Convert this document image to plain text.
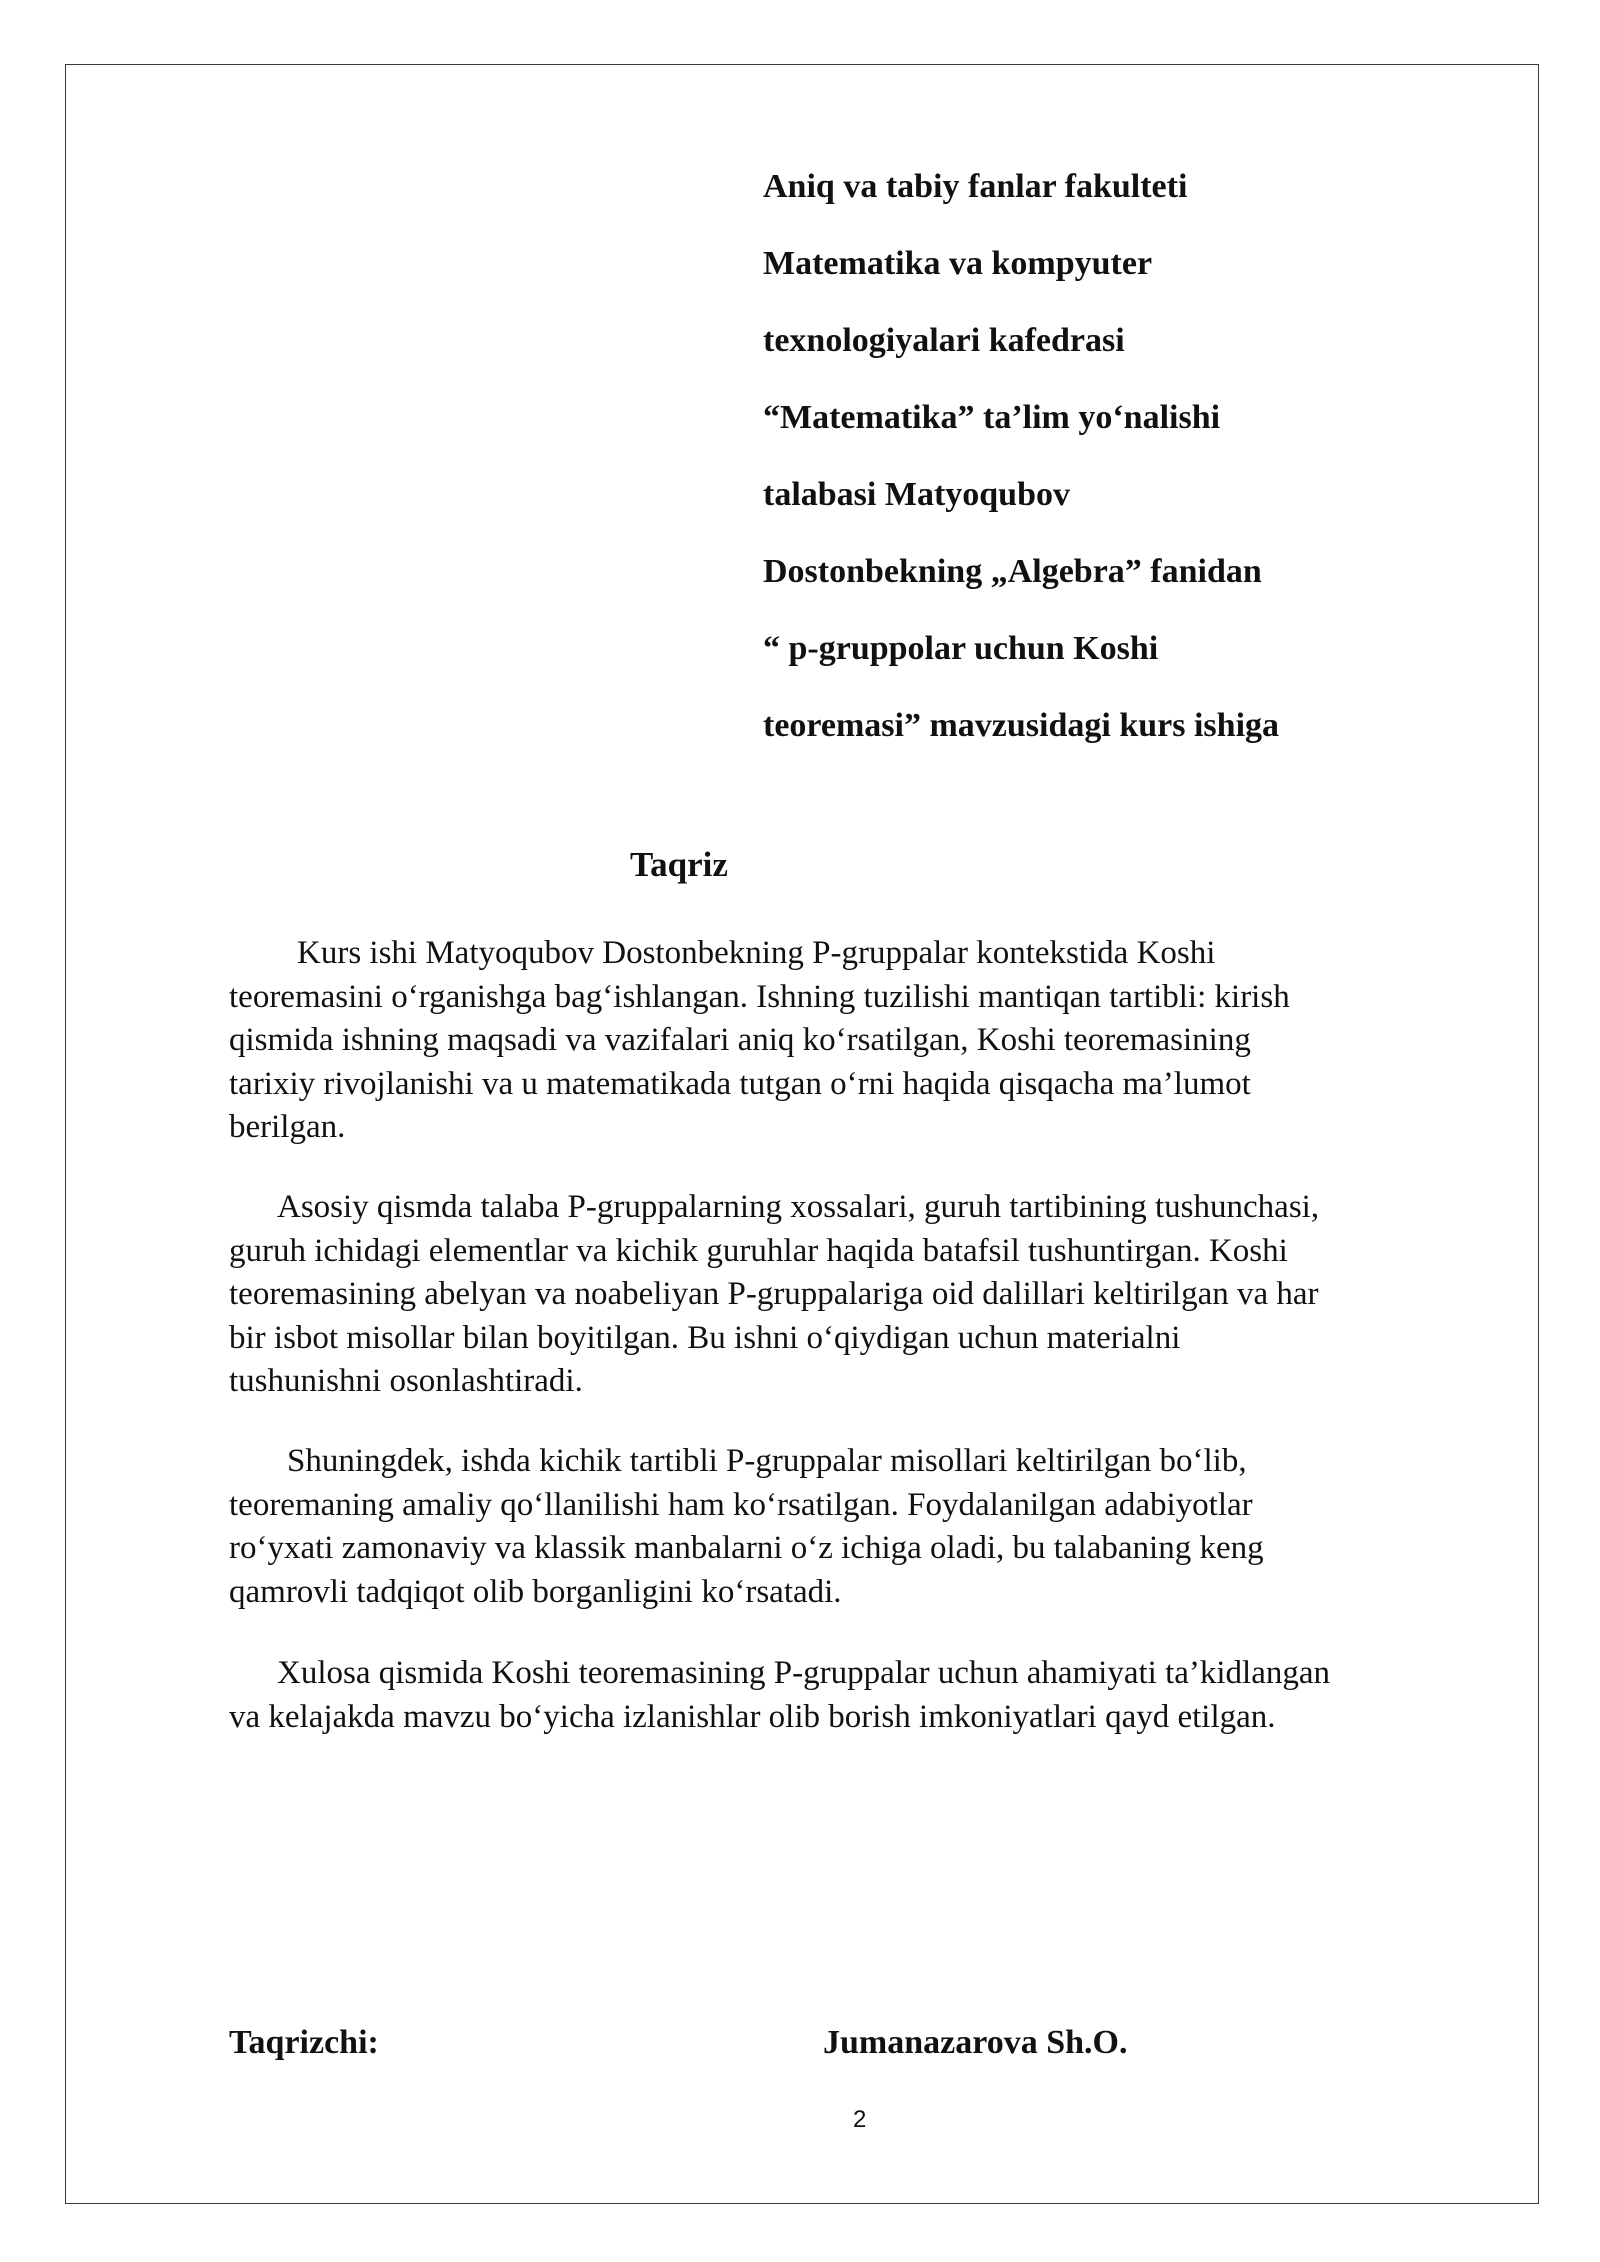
Aniq va tabiy fanlar fakulteti
Matematika va kompyuter
texnologiyalari kafedrasi
“Matematika” ta’lim yo‘nalishi
talabasi Matyoqubov
Dostonbekning „Algebra” fanidan
“ p-gruppolar uchun Koshi
teoremasi” mavzusidagi kurs ishiga
Taqriz
Kurs ishi Matyoqubov Dostonbekning P-gruppalar kontekstida Koshi
teoremasini o‘rganishga bag‘ishlangan. Ishning tuzilishi mantiqan tartibli: kirish
qismida ishning maqsadi va vazifalari aniq ko‘rsatilgan, Koshi teoremasining
tarixiy rivojlanishi va u matematikada tutgan o‘rni haqida qisqacha ma’lumot
berilgan.
Asosiy qismda talaba P-gruppalarning xossalari, guruh tartibining tushunchasi,
guruh ichidagi elementlar va kichik guruhlar haqida batafsil tushuntirgan. Koshi
teoremasining abelyan va noabeliyan P-gruppalariga oid dalillari keltirilgan va har
bir isbot misollar bilan boyitilgan. Bu ishni o‘qiydigan uchun materialni
tushunishni osonlashtiradi.
Shuningdek, ishda kichik tartibli P-gruppalar misollari keltirilgan bo‘lib,
teoremaning amaliy qo‘llanilishi ham ko‘rsatilgan. Foydalanilgan adabiyotlar
ro‘yxati zamonaviy va klassik manbalarni o‘z ichiga oladi, bu talabaning keng
qamrovli tadqiqot olib borganligini ko‘rsatadi.
Xulosa qismida Koshi teoremasining P-gruppalar uchun ahamiyati ta’kidlangan
va kelajakda mavzu bo‘yicha izlanishlar olib borish imkoniyatlari qayd etilgan.
Taqrizchi:	Jumanazarova Sh.O.
2
